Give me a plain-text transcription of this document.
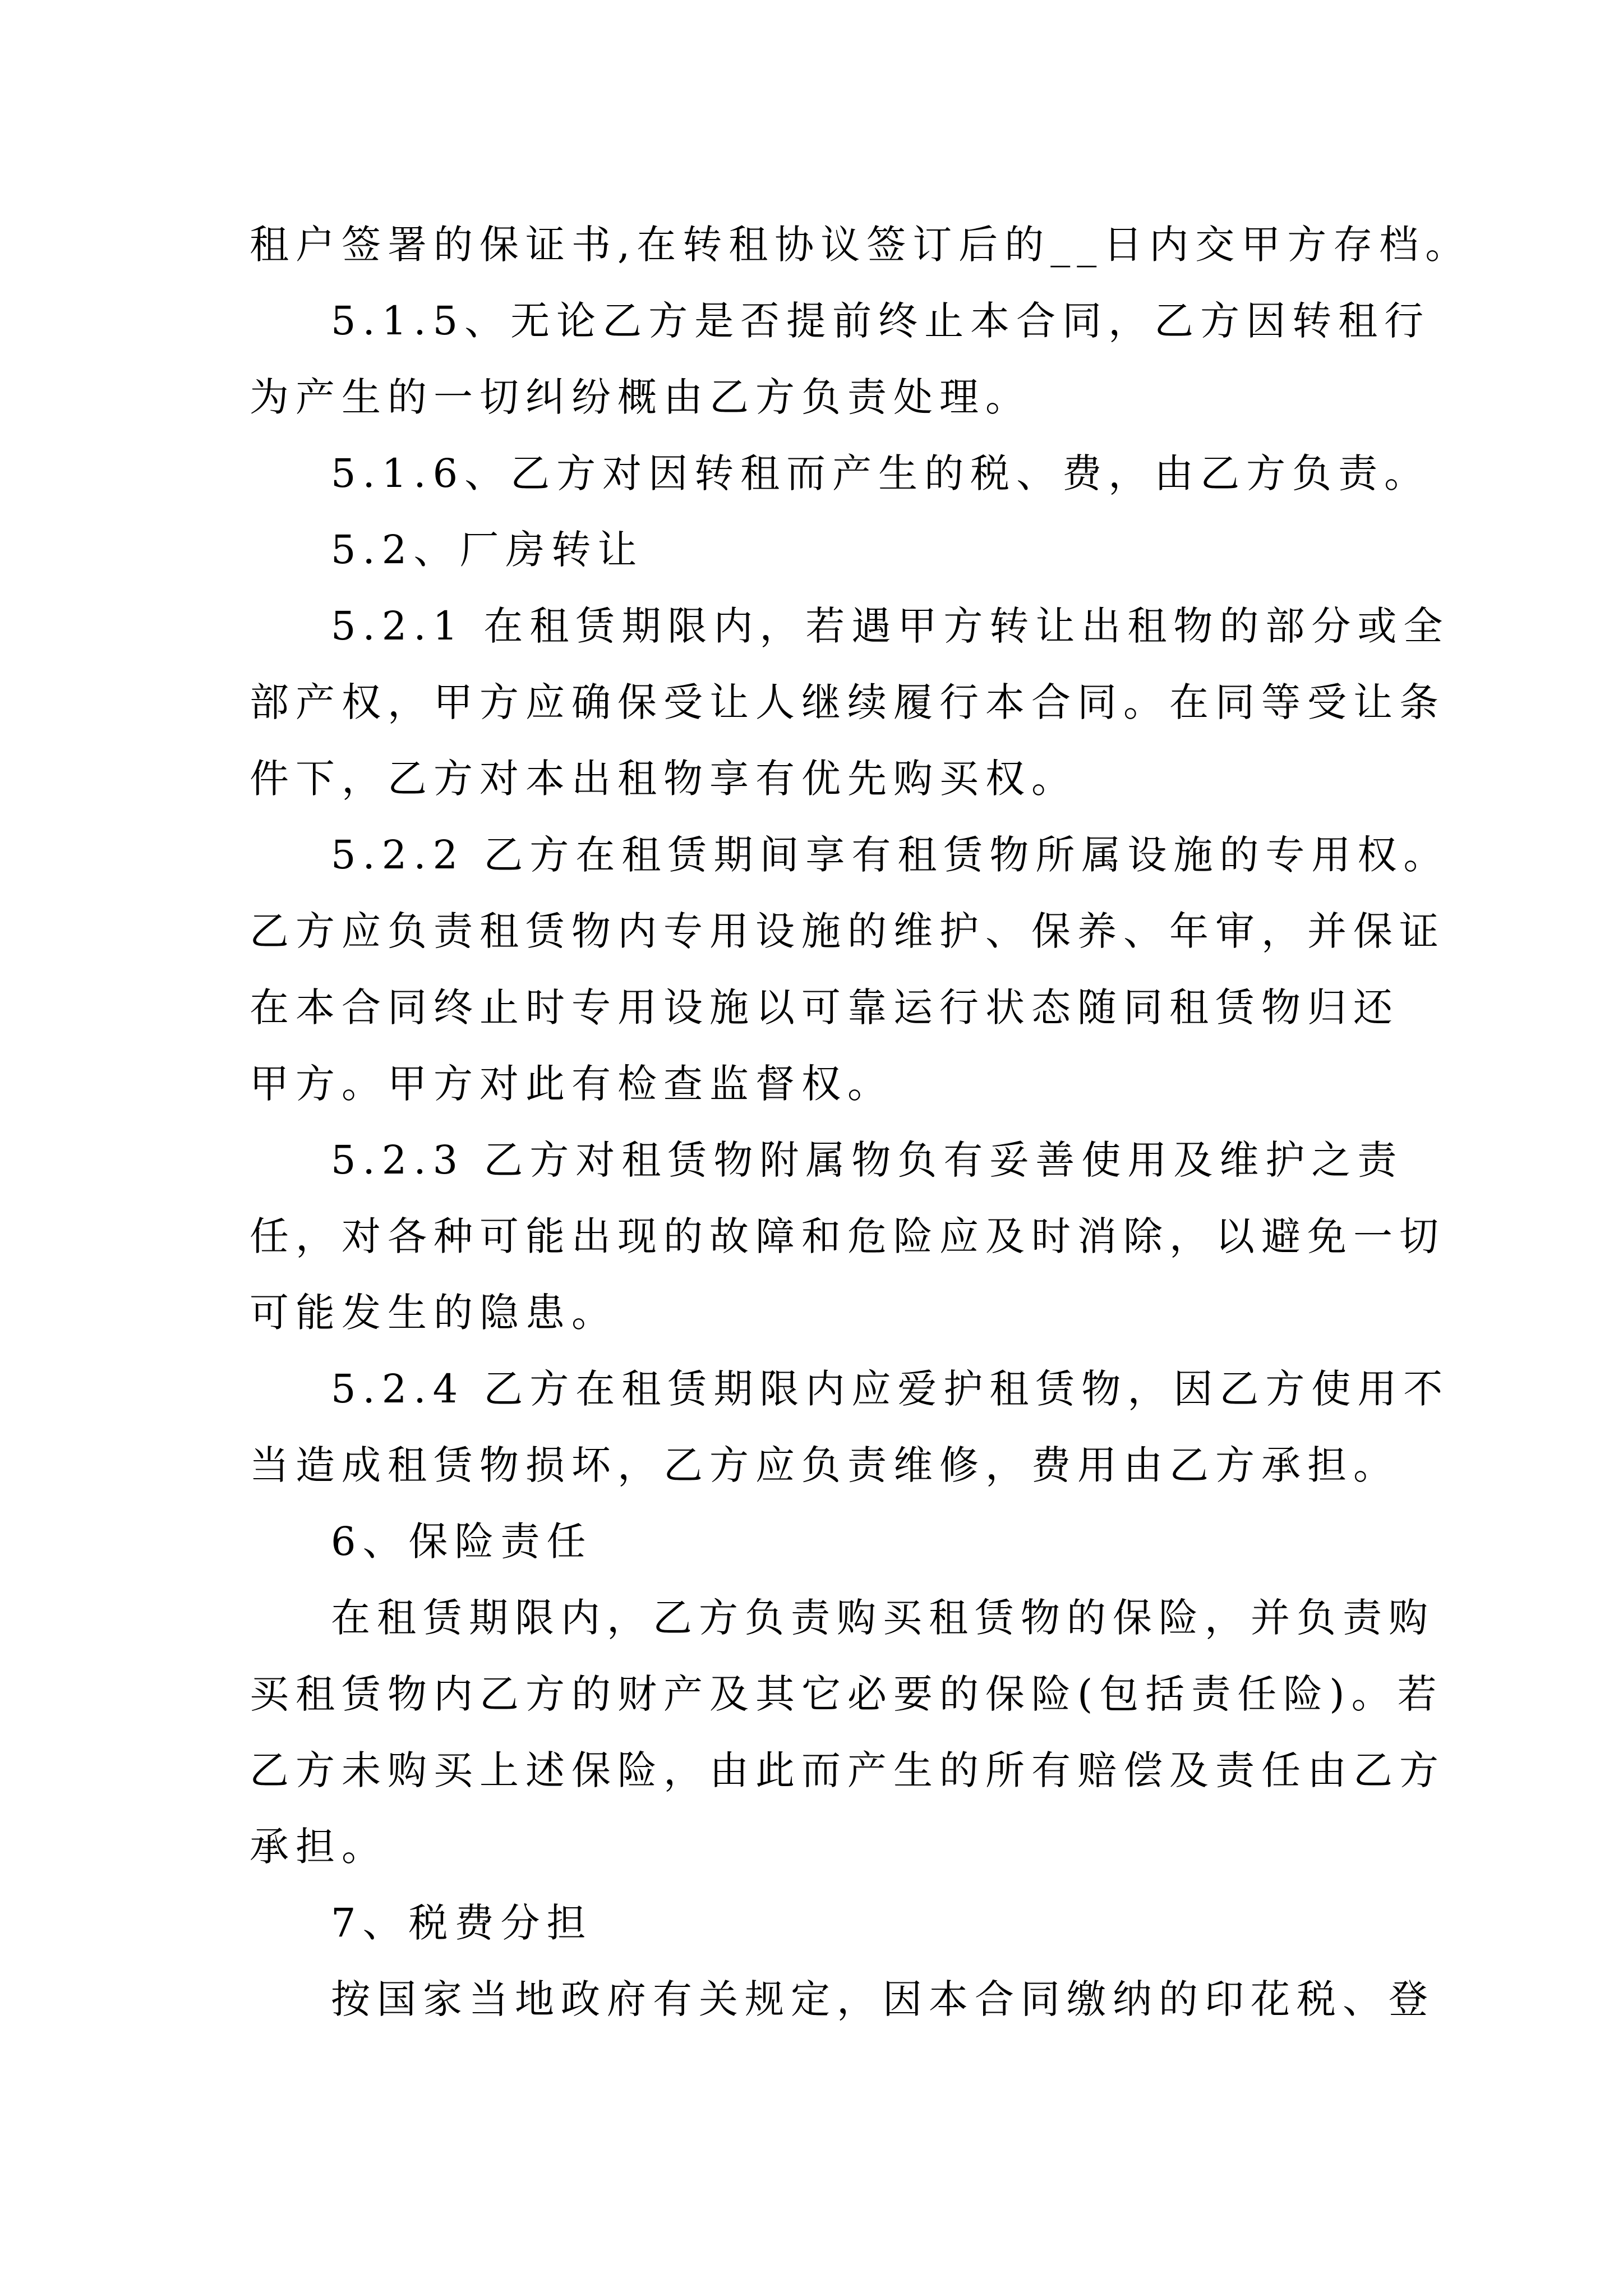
租户签署的保证书,在转租协议签订后的__日内交甲方存档。

5.1.5、无论乙方是否提前终止本合同，乙方因转租行

为产生的一切纠纷概由乙方负责处理。

5.1.6、乙方对因转租而产生的税、费，由乙方负责。

5.2、厂房转让

5.2.1 在租赁期限内，若遇甲方转让出租物的部分或全

部产权，甲方应确保受让人继续履行本合同。在同等受让条

件下，乙方对本出租物享有优先购买权。

5.2.2 乙方在租赁期间享有租赁物所属设施的专用权。

乙方应负责租赁物内专用设施的维护、保养、年审，并保证

在本合同终止时专用设施以可靠运行状态随同租赁物归还

甲方。甲方对此有检查监督权。

5.2.3 乙方对租赁物附属物负有妥善使用及维护之责

任，对各种可能出现的故障和危险应及时消除，以避免一切

可能发生的隐患。

5.2.4 乙方在租赁期限内应爱护租赁物，因乙方使用不

当造成租赁物损坏，乙方应负责维修，费用由乙方承担。

6、保险责任

在租赁期限内，乙方负责购买租赁物的保险，并负责购

买租赁物内乙方的财产及其它必要的保险(包括责任险)。若

乙方未购买上述保险，由此而产生的所有赔偿及责任由乙方

承担。

7、税费分担

按国家当地政府有关规定，因本合同缴纳的印花税、登
